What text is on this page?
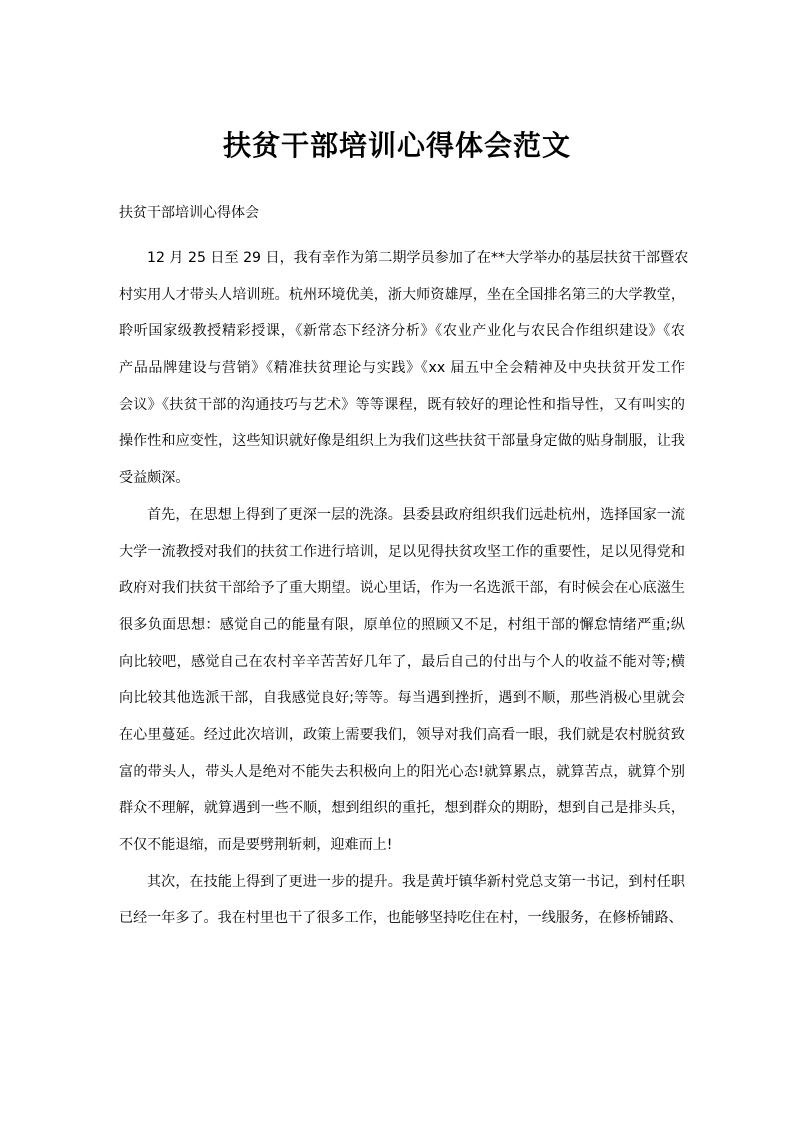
扶贫干部培训心得体会范文

扶贫干部培训心得体会

12 月 25 日至 29 日，我有幸作为第二期学员参加了在**大学举办的基层扶贫干部暨农
村实用人才带头人培训班。杭州环境优美，浙大师资雄厚，坐在全国排名第三的大学教堂，
聆听国家级教授精彩授课，《新常态下经济分析》《农业产业化与农民合作组织建设》《农
产品品牌建设与营销》《精准扶贫理论与实践》《xx 届五中全会精神及中央扶贫开发工作
会议》《扶贫干部的沟通技巧与艺术》等等课程，既有较好的理论性和指导性，又有叫实的
操作性和应变性，这些知识就好像是组织上为我们这些扶贫干部量身定做的贴身制服，让我
受益颇深。
首先，在思想上得到了更深一层的洗涤。县委县政府组织我们远赴杭州，选择国家一流
大学一流教授对我们的扶贫工作进行培训，足以见得扶贫攻坚工作的重要性，足以见得党和
政府对我们扶贫干部给予了重大期望。说心里话，作为一名选派干部，有时候会在心底滋生
很多负面思想：感觉自己的能量有限，原单位的照顾又不足，村组干部的懈怠情绪严重;纵
向比较吧，感觉自己在农村辛辛苦苦好几年了，最后自己的付出与个人的收益不能对等;横
向比较其他选派干部，自我感觉良好;等等。每当遇到挫折，遇到不顺，那些消极心里就会
在心里蔓延。经过此次培训，政策上需要我们，领导对我们高看一眼，我们就是农村脱贫致
富的带头人，带头人是绝对不能失去积极向上的阳光心态!就算累点，就算苦点，就算个别
群众不理解，就算遇到一些不顺，想到组织的重托，想到群众的期盼，想到自己是排头兵，
不仅不能退缩，而是要劈荆斩刺，迎难而上!
其次，在技能上得到了更进一步的提升。我是黄圩镇华新村党总支第一书记，到村任职
已经一年多了。我在村里也干了很多工作，也能够坚持吃住在村，一线服务，在修桥铺路、
